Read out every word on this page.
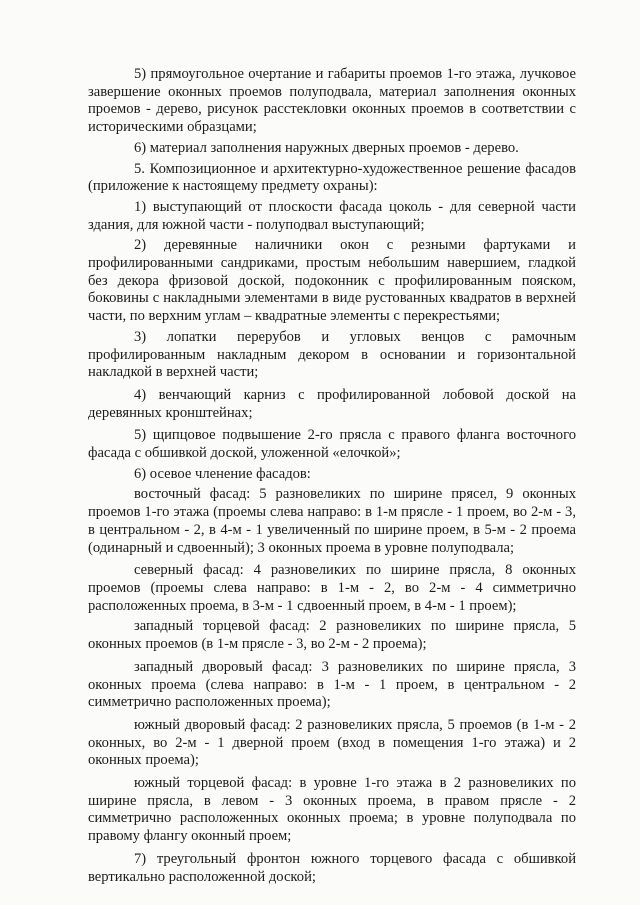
5) прямоугольное очертание и габариты проемов 1-го этажа, лучковое завершение оконных проемов полуподвала, материал заполнения оконных проемов - дерево, рисунок расстекловки оконных проемов в соответствии с историческими образцами;

6) материал заполнения наружных дверных проемов - дерево.

5. Композиционное и архитектурно-художественное решение фасадов (приложение к настоящему предмету охраны):

1) выступающий от плоскости фасада цоколь - для северной части здания, для южной части - полуподвал выступающий;

2) деревянные наличники окон с резными фартуками и профилированными сандриками, простым небольшим навершием, гладкой без декора фризовой доской, подоконник с профилированным пояском, боковины с накладными элементами в виде рустованных квадратов в верхней части, по верхним углам – квадратные элементы с перекрестьями;

3) лопатки перерубов и угловых венцов с рамочным профилированным накладным декором в основании и горизонтальной накладкой в верхней части;

4) венчающий карниз с профилированной лобовой доской на деревянных кронштейнах;

5) щипцовое подвышение 2-го прясла с правого фланга восточного фасада с обшивкой доской, уложенной «елочкой»;

6) осевое членение фасадов:

восточный фасад: 5 разновеликих по ширине прясел, 9 оконных проемов 1-го этажа (проемы слева направо: в 1-м прясле - 1 проем, во 2-м - 3, в центральном - 2, в 4-м - 1 увеличенный по ширине проем, в 5-м - 2 проема (одинарный и сдвоенный); 3 оконных проема в уровне полуподвала;

северный фасад: 4 разновеликих по ширине прясла, 8 оконных проемов (проемы слева направо: в 1-м - 2, во 2-м - 4 симметрично расположенных проема, в 3-м - 1 сдвоенный проем, в 4-м - 1 проем);

западный торцевой фасад: 2 разновеликих по ширине прясла, 5 оконных проемов (в 1-м прясле - 3, во 2-м - 2 проема);

западный дворовый фасад: 3 разновеликих по ширине прясла, 3 оконных проема (слева направо: в 1-м - 1 проем, в центральном - 2 симметрично расположенных проема);

южный дворовый фасад: 2 разновеликих прясла, 5 проемов (в 1-м - 2 оконных, во 2-м - 1 дверной проем (вход в помещения 1-го этажа) и 2 оконных проема);

южный торцевой фасад: в уровне 1-го этажа в 2 разновеликих по ширине прясла, в левом - 3 оконных проема, в правом прясле - 2 симметрично расположенных оконных проема; в уровне полуподвала по правому флангу оконный проем;

7) треугольный фронтон южного торцевого фасада с обшивкой вертикально расположенной доской;
